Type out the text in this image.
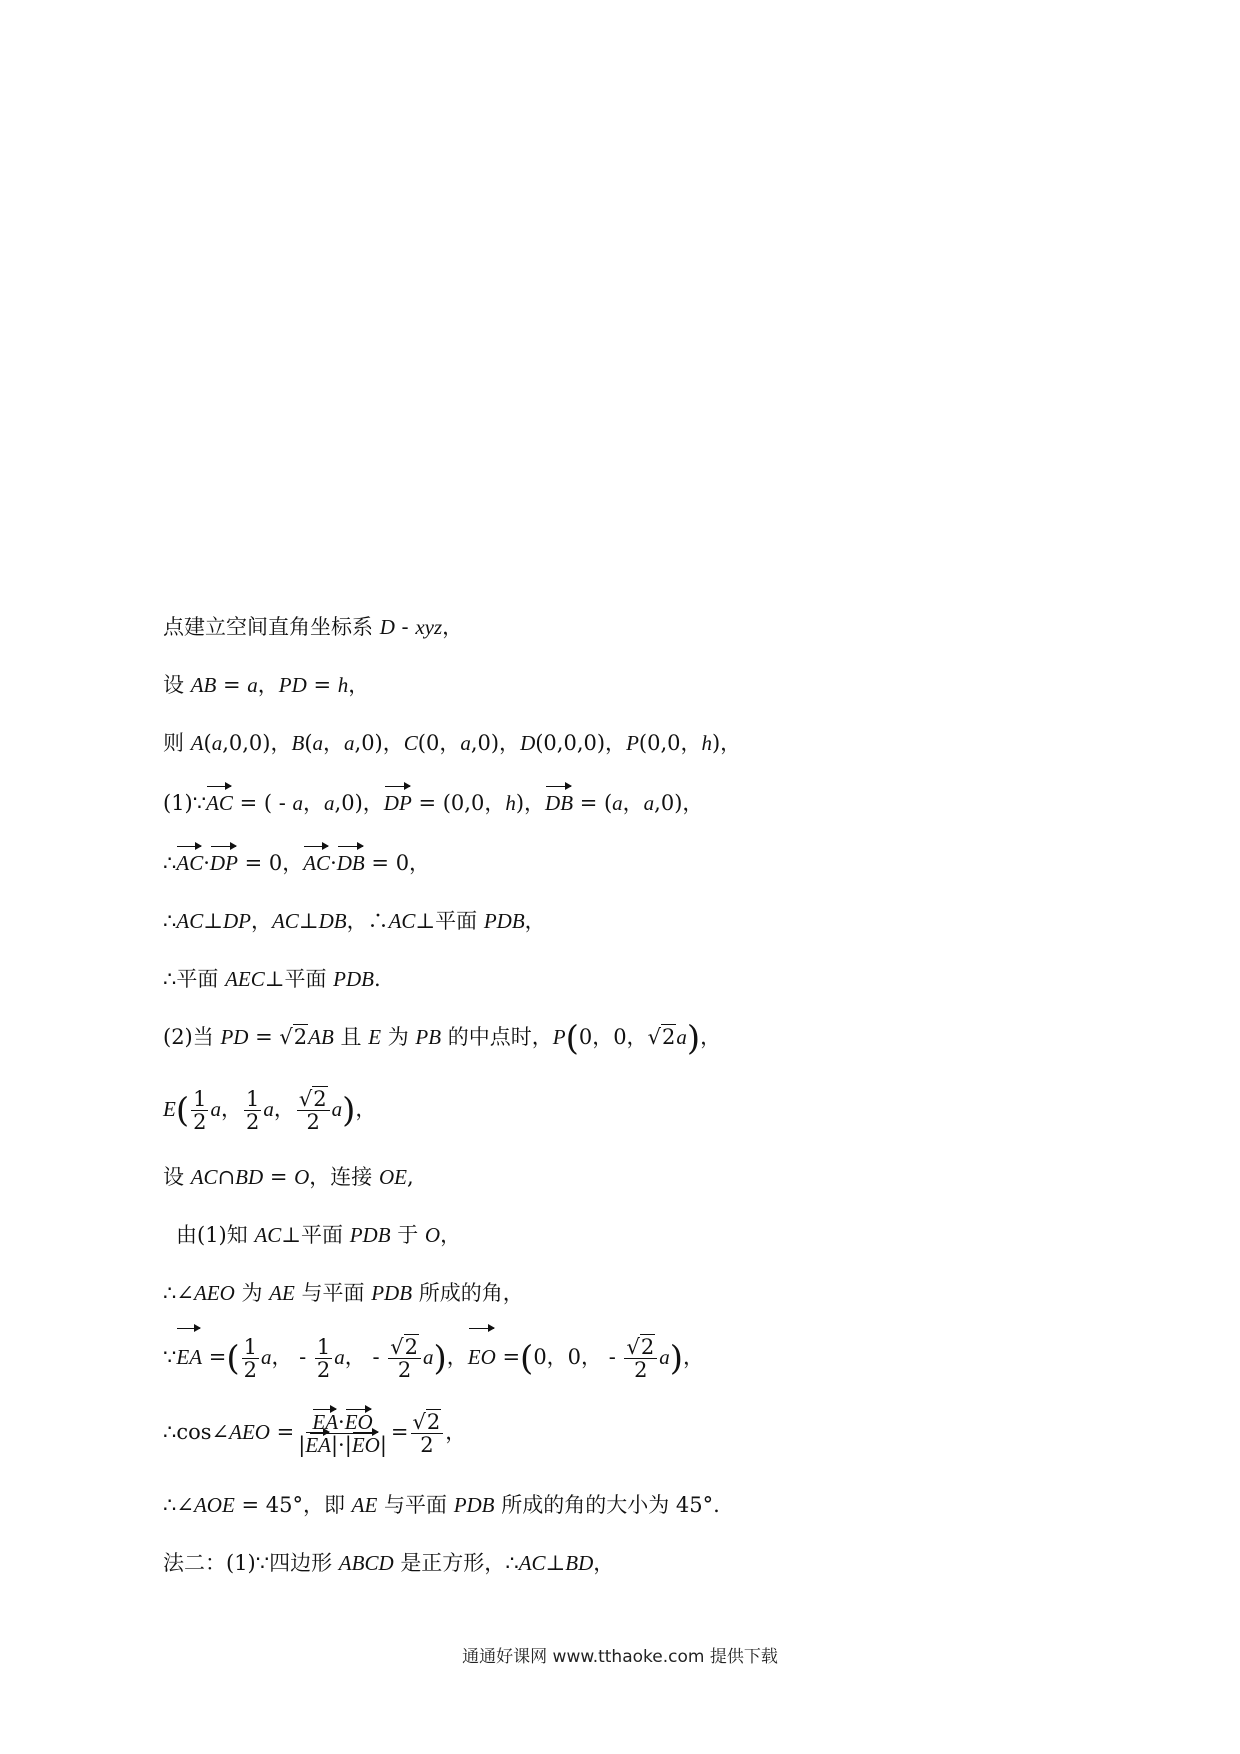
点建立空间直角坐标系 D - xyz，
设 AB = a，PD = h，
则 A(a,0,0)，B(a，a,0)，C(0，a,0)，D(0,0,0)，P(0,0，h)，
(1)∵AC = ( - a，a,0)，DP = (0,0，h)，DB = (a，a,0)，
∴AC·DP = 0，AC·DB = 0，
∴AC⊥DP，AC⊥DB，∴AC⊥平面 PDB，
∴平面 AEC⊥平面 PDB.
(2)当 PD = √2AB 且 E 为 PB 的中点时，P(0，0，√2a)，
$E( \frac{1}{2}$ a， $\frac{1}{2}$ a， $\frac{√2}{2} a$)，
设 AC∩BD = O，连接 OE,
由(1)知 AC⊥平面 PDB 于 O，
∴∠AEO 为 AE 与平面 PDB 所成的角，
∵EA =( $\frac{1}{2}$ a， - $\frac{1}{2}$ a， - $\frac{√2}{2} a$)，EO =(0，0， - $\frac{√2}{2} a$)，
∴cos∠AEO = $\frac{EA\cdot EO}{|EA|\cdot|EO|} = \frac{√2}{2}$ ，
∴∠AOE = 45°，即 AE 与平面 PDB 所成的角的大小为 45°.
法二：(1)∵四边形 ABCD 是正方形，∴AC⊥BD，
通通好课网 www.tthaoke.com 提供下载
